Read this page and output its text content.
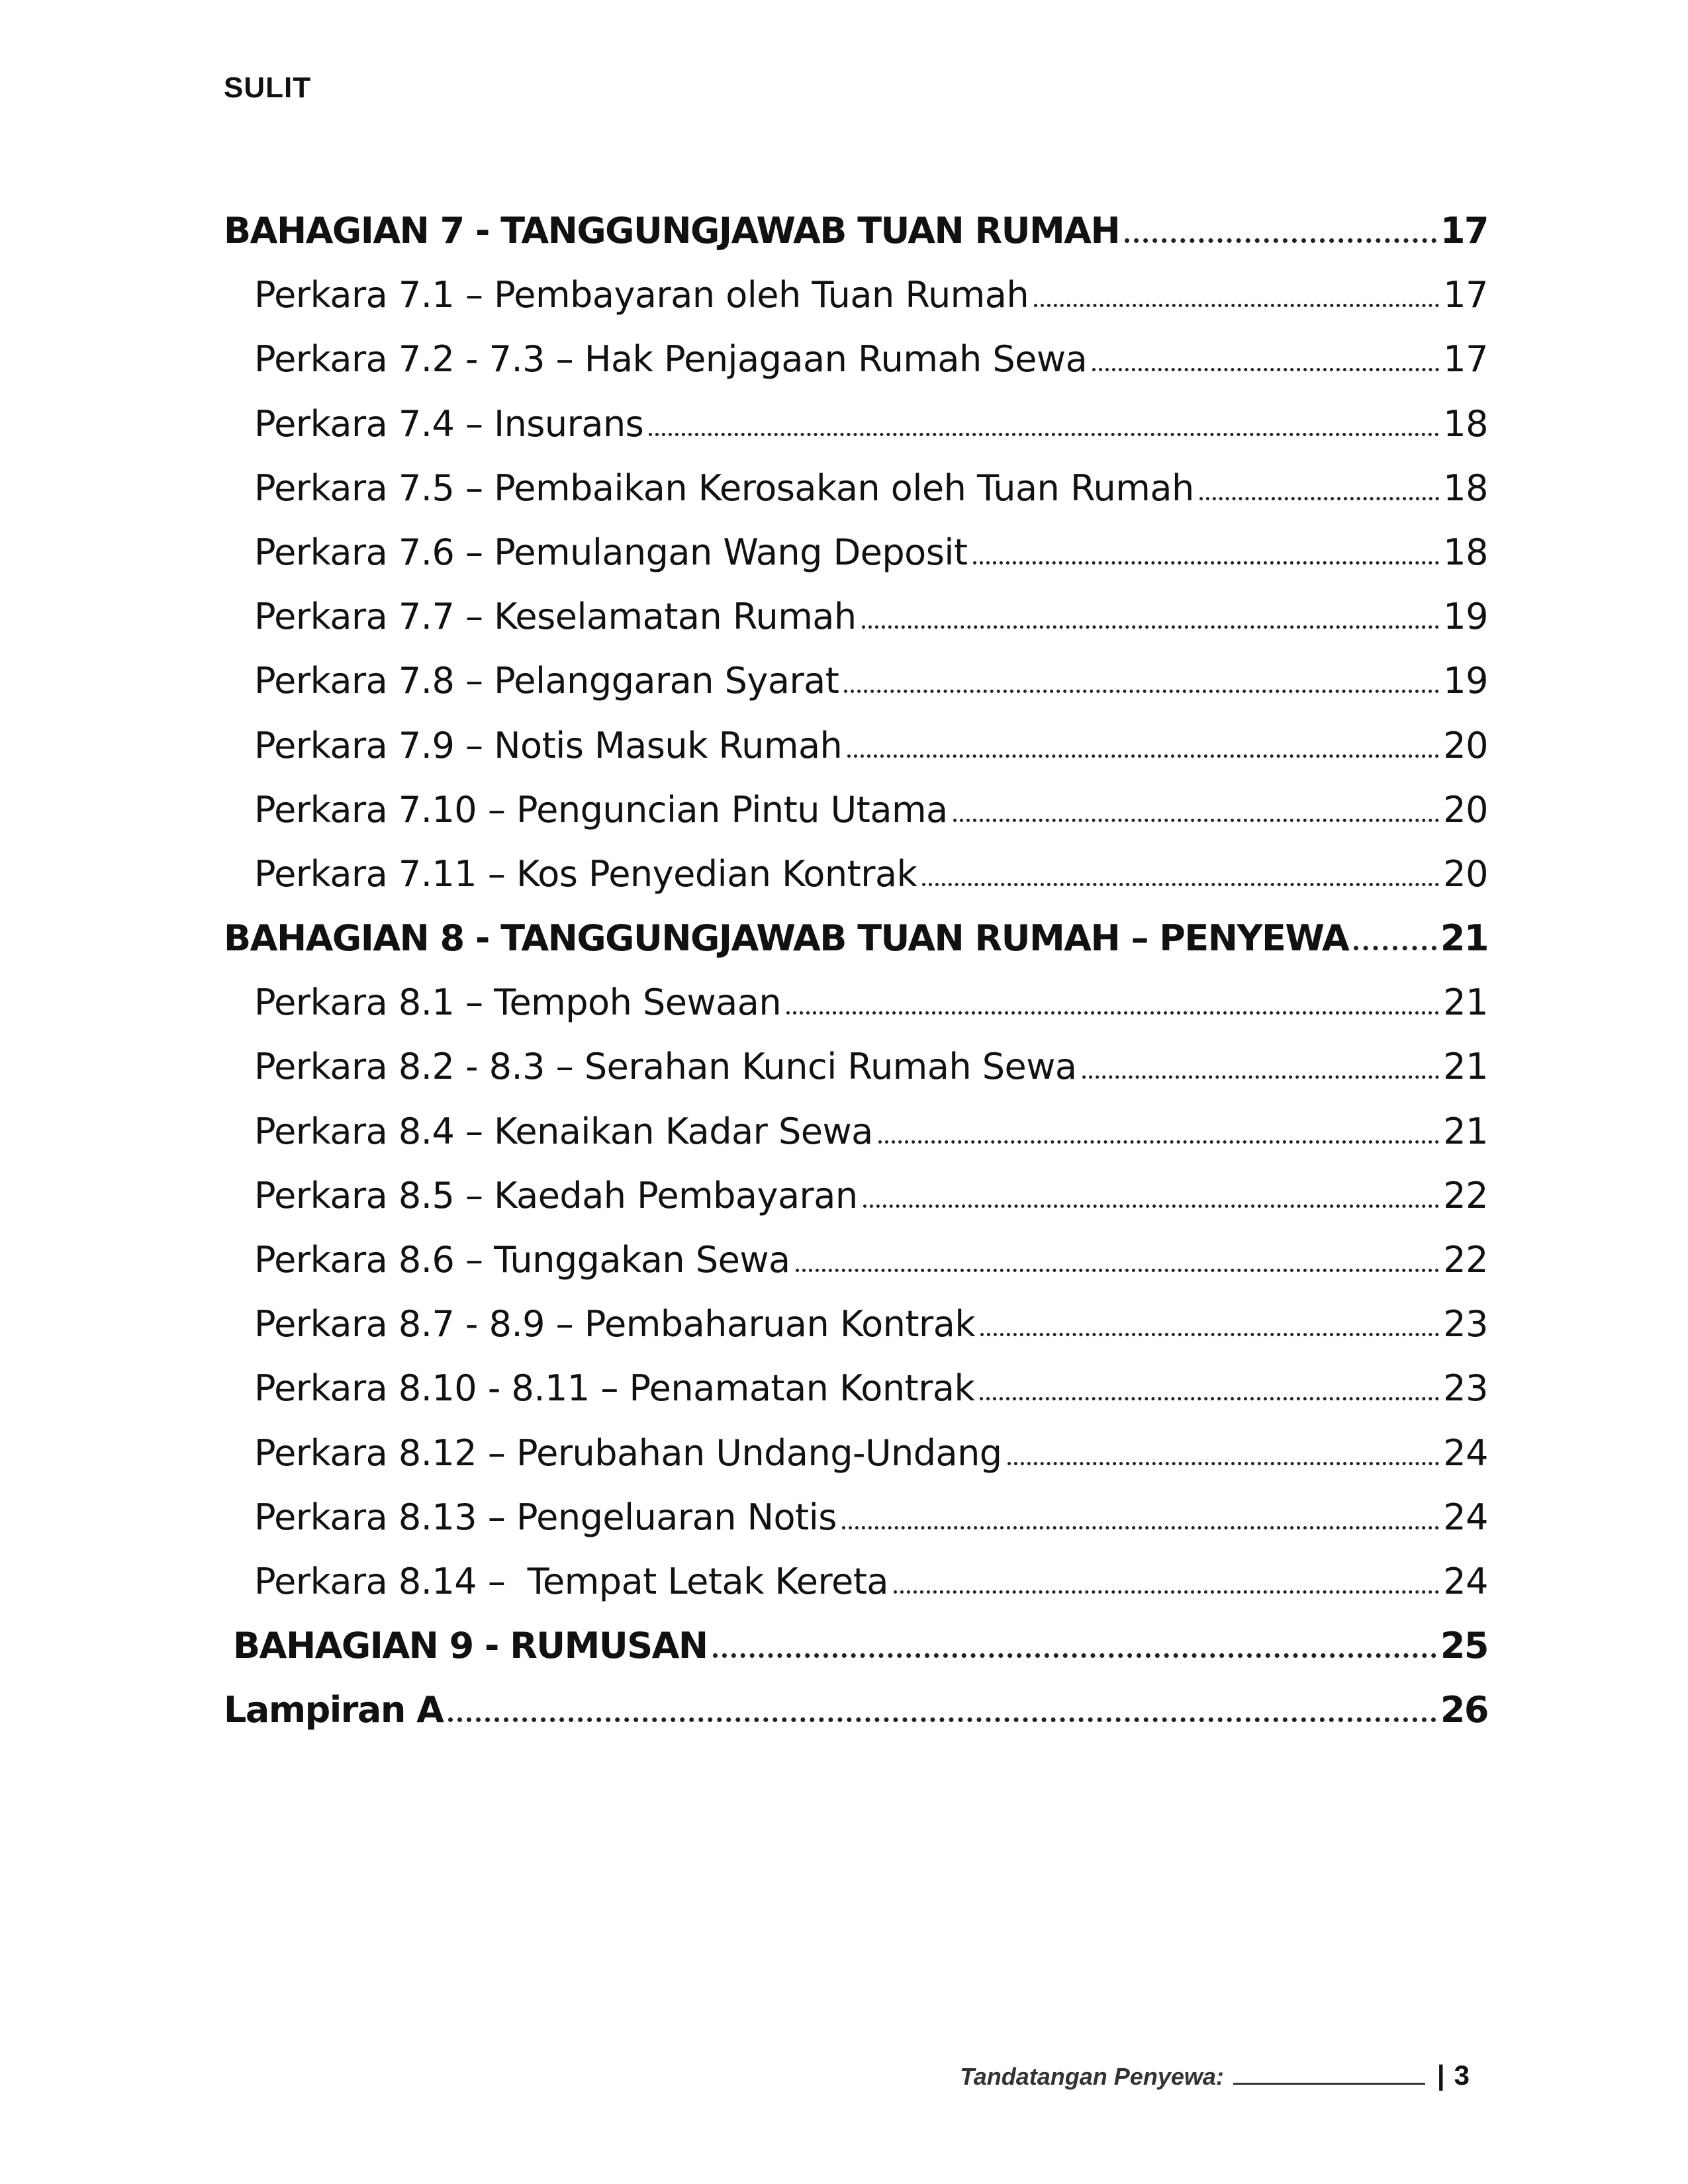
SULIT
BAHAGIAN 7 - TANGGUNGJAWAB TUAN RUMAH	17
Perkara 7.1 – Pembayaran oleh Tuan Rumah	17
Perkara 7.2 - 7.3 – Hak Penjagaan Rumah Sewa	17
Perkara 7.4 – Insurans	18
Perkara 7.5 – Pembaikan Kerosakan oleh Tuan Rumah	18
Perkara 7.6 – Pemulangan Wang Deposit	18
Perkara 7.7 – Keselamatan Rumah	19
Perkara 7.8 – Pelanggaran Syarat	19
Perkara 7.9 – Notis Masuk Rumah	20
Perkara 7.10 – Penguncian Pintu Utama	20
Perkara 7.11 – Kos Penyedian Kontrak	20
BAHAGIAN 8 - TANGGUNGJAWAB TUAN RUMAH – PENYEWA	21
Perkara 8.1 – Tempoh Sewaan	21
Perkara 8.2 - 8.3 – Serahan Kunci Rumah Sewa	21
Perkara 8.4 – Kenaikan Kadar Sewa	21
Perkara 8.5 – Kaedah Pembayaran	22
Perkara 8.6 – Tunggakan Sewa	22
Perkara 8.7 - 8.9 – Pembaharuan Kontrak	23
Perkara 8.10 - 8.11 – Penamatan Kontrak	23
Perkara 8.12 – Perubahan Undang-Undang	24
Perkara 8.13 – Pengeluaran Notis	24
Perkara 8.14 –  Tempat Letak Kereta	24
BAHAGIAN 9 - RUMUSAN	25
Lampiran A	26
Tandatangan Penyewa:	| 3
